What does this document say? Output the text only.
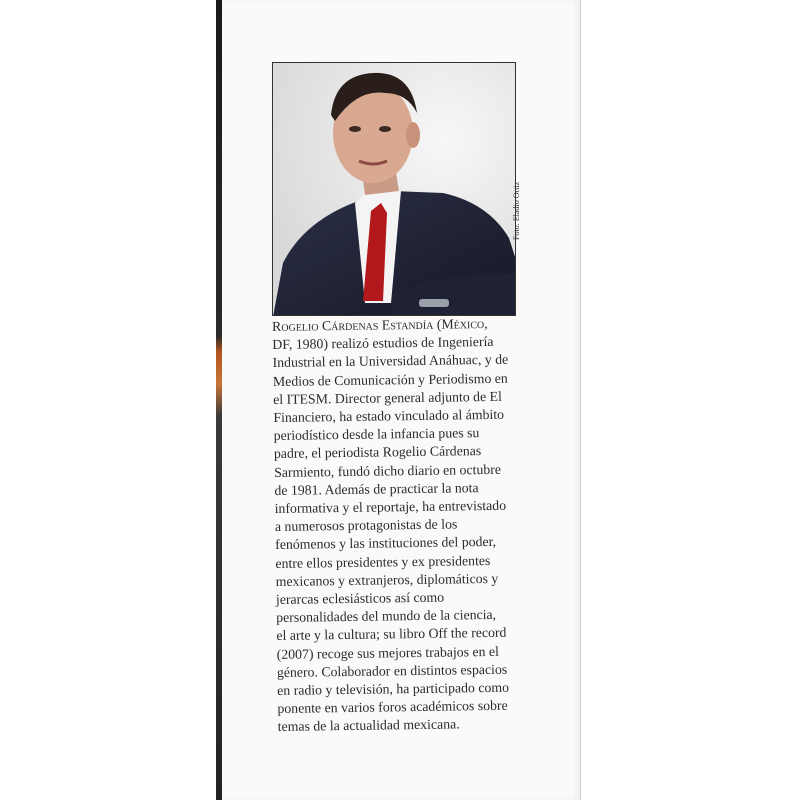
Foto: Eladio Ortiz
Rogelio Cárdenas Estandía (México,
DF, 1980) realizó estudios de Ingeniería
Industrial en la Universidad Anáhuac, y de
Medios de Comunicación y Periodismo en
el ITESM. Director general adjunto de El
Financiero, ha estado vinculado al ámbito
periodístico desde la infancia pues su
padre, el periodista Rogelio Cárdenas
Sarmiento, fundó dicho diario en octubre
de 1981. Además de practicar la nota
informativa y el reportaje, ha entrevistado
a numerosos protagonistas de los
fenómenos y las instituciones del poder,
entre ellos presidentes y ex presidentes
mexicanos y extranjeros, diplomáticos y
jerarcas eclesiásticos así como
personalidades del mundo de la ciencia,
el arte y la cultura; su libro Off the record
(2007) recoge sus mejores trabajos en el
género. Colaborador en distintos espacios
en radio y televisión, ha participado como
ponente en varios foros académicos sobre
temas de la actualidad mexicana.
